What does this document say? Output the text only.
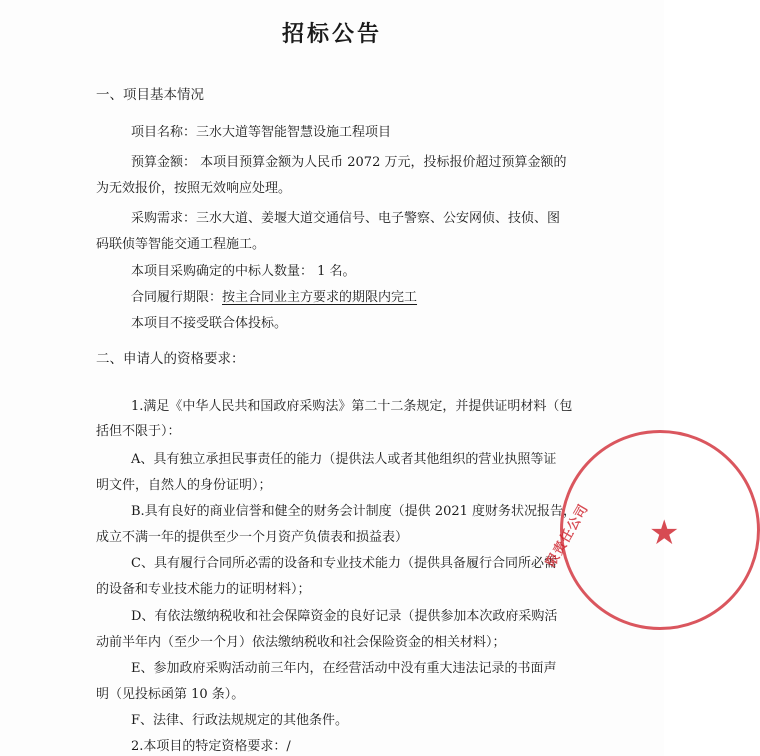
招标公告
一、项目基本情况
项目名称：三水大道等智能智慧设施工程项目
预算金额： 本项目预算金额为人民币 2072 万元，投标报价超过预算金额的
为无效报价，按照无效响应处理。
采购需求：三水大道、姜堰大道交通信号、电子警察、公安网侦、技侦、图
码联侦等智能交通工程施工。
本项目采购确定的中标人数量： 1 名。
合同履行期限：按主合同业主方要求的期限内完工
本项目不接受联合体投标。
二、申请人的资格要求：
1.满足《中华人民共和国政府采购法》第二十二条规定，并提供证明材料（包
括但不限于）：
A、具有独立承担民事责任的能力（提供法人或者其他组织的营业执照等证
明文件，自然人的身份证明）；
B.具有良好的商业信誉和健全的财务会计制度（提供 2021 度财务状况报告，
成立不满一年的提供至少一个月资产负债表和损益表）
C、具有履行合同所必需的设备和专业技术能力（提供具备履行合同所必需
的设备和专业技术能力的证明材料）；
D、有依法缴纳税收和社会保障资金的良好记录（提供参加本次政府采购活
动前半年内（至少一个月）依法缴纳税收和社会保险资金的相关材料）；
E、参加政府采购活动前三年内，在经营活动中没有重大违法记录的书面声
明（见投标函第 10 条）。
F、法律、行政法规规定的其他条件。
2.本项目的特定资格要求：/
限责任公司	★
